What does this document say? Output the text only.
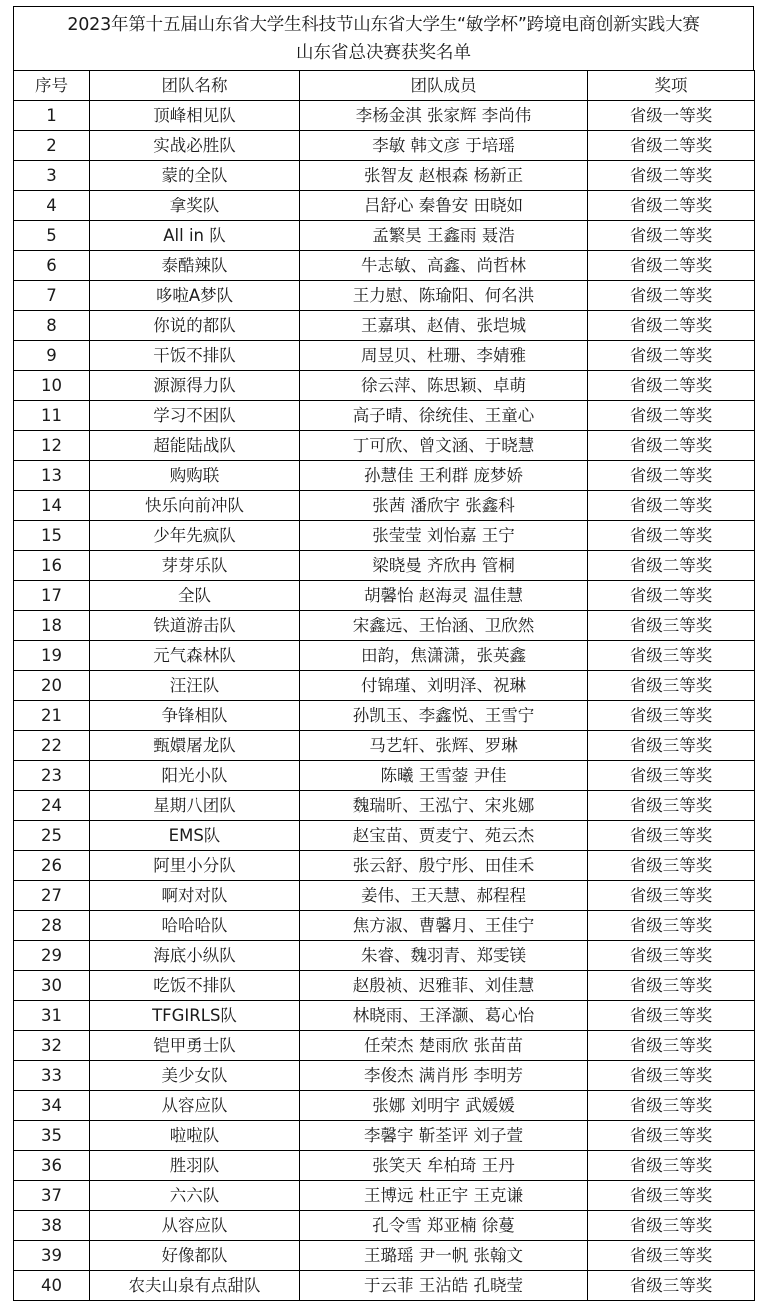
2023年第十五届山东省大学生科技节山东省大学生“敏学杯”跨境电商创新实践大赛
山东省总决赛获奖名单
序号	团队名称	团队成员	奖项
1	顶峰相见队	李杨金淇 张家辉 李尚伟	省级一等奖
2	实战必胜队	李敏 韩文彦 于培瑶	省级二等奖
3	蒙的全队	张智友 赵根森 杨新正	省级二等奖
4	拿奖队	吕舒心 秦鲁安 田晓如	省级二等奖
5	All in 队	孟繁昊 王鑫雨 聂浩	省级二等奖
6	泰酷辣队	牛志敏、高鑫、尚哲林	省级二等奖
7	哆啦A梦队	王力慰、陈瑜阳、何名洪	省级二等奖
8	你说的都队	王嘉琪、赵倩、张垲城	省级二等奖
9	干饭不排队	周昱贝、杜珊、李婧雅	省级二等奖
10	源源得力队	徐云萍、陈思颖、卓萌	省级二等奖
11	学习不困队	高子晴、徐统佳、王童心	省级二等奖
12	超能陆战队	丁可欣、曾文涵、于晓慧	省级二等奖
13	购购联	孙慧佳 王利群 庞梦娇	省级二等奖
14	快乐向前冲队	张茜 潘欣宇 张鑫科	省级二等奖
15	少年先疯队	张莹莹 刘怡嘉 王宁	省级二等奖
16	芽芽乐队	梁晓曼 齐欣冉 管桐	省级二等奖
17	全队	胡馨怡 赵海灵 温佳慧	省级二等奖
18	铁道游击队	宋鑫远、王怡涵、卫欣然	省级三等奖
19	元气森林队	田韵，焦潇潇，张英鑫	省级三等奖
20	汪汪队	付锦瑾、刘明泽、祝琳	省级三等奖
21	争锋相队	孙凯玉、李鑫悦、王雪宁	省级三等奖
22	甄嬛屠龙队	马艺轩、张辉、罗琳	省级三等奖
23	阳光小队	陈曦 王雪蓥 尹佳	省级三等奖
24	星期八团队	魏瑞昕、王泓宁、宋兆娜	省级三等奖
25	EMS队	赵宝苗、贾麦宁、苑云杰	省级三等奖
26	阿里小分队	张云舒、殷宁彤、田佳禾	省级三等奖
27	啊对对队	姜伟、王天慧、郝程程	省级三等奖
28	哈哈哈队	焦方淑、曹馨月、王佳宁	省级三等奖
29	海底小纵队	朱睿、魏羽青、郑雯镁	省级三等奖
30	吃饭不排队	赵殷祯、迟雅菲、刘佳慧	省级三等奖
31	TFGIRLS队	林晓雨、王泽灏、葛心怡	省级三等奖
32	铠甲勇士队	任荣杰 楚雨欣 张苗苗	省级三等奖
33	美少女队	李俊杰 满肖彤 李明芳	省级三等奖
34	从容应队	张娜 刘明宇 武媛媛	省级三等奖
35	啦啦队	李馨宇 靳荃评 刘子萱	省级三等奖
36	胜羽队	张笑天 牟柏琦 王丹	省级三等奖
37	六六队	王博远 杜正宇 王克谦	省级三等奖
38	从容应队	孔令雪 郑亚楠 徐蔓	省级三等奖
39	好像都队	王璐瑶 尹一帆 张翰文	省级三等奖
40	农夫山泉有点甜队	于云菲 王沾皓 孔晓莹	省级三等奖
